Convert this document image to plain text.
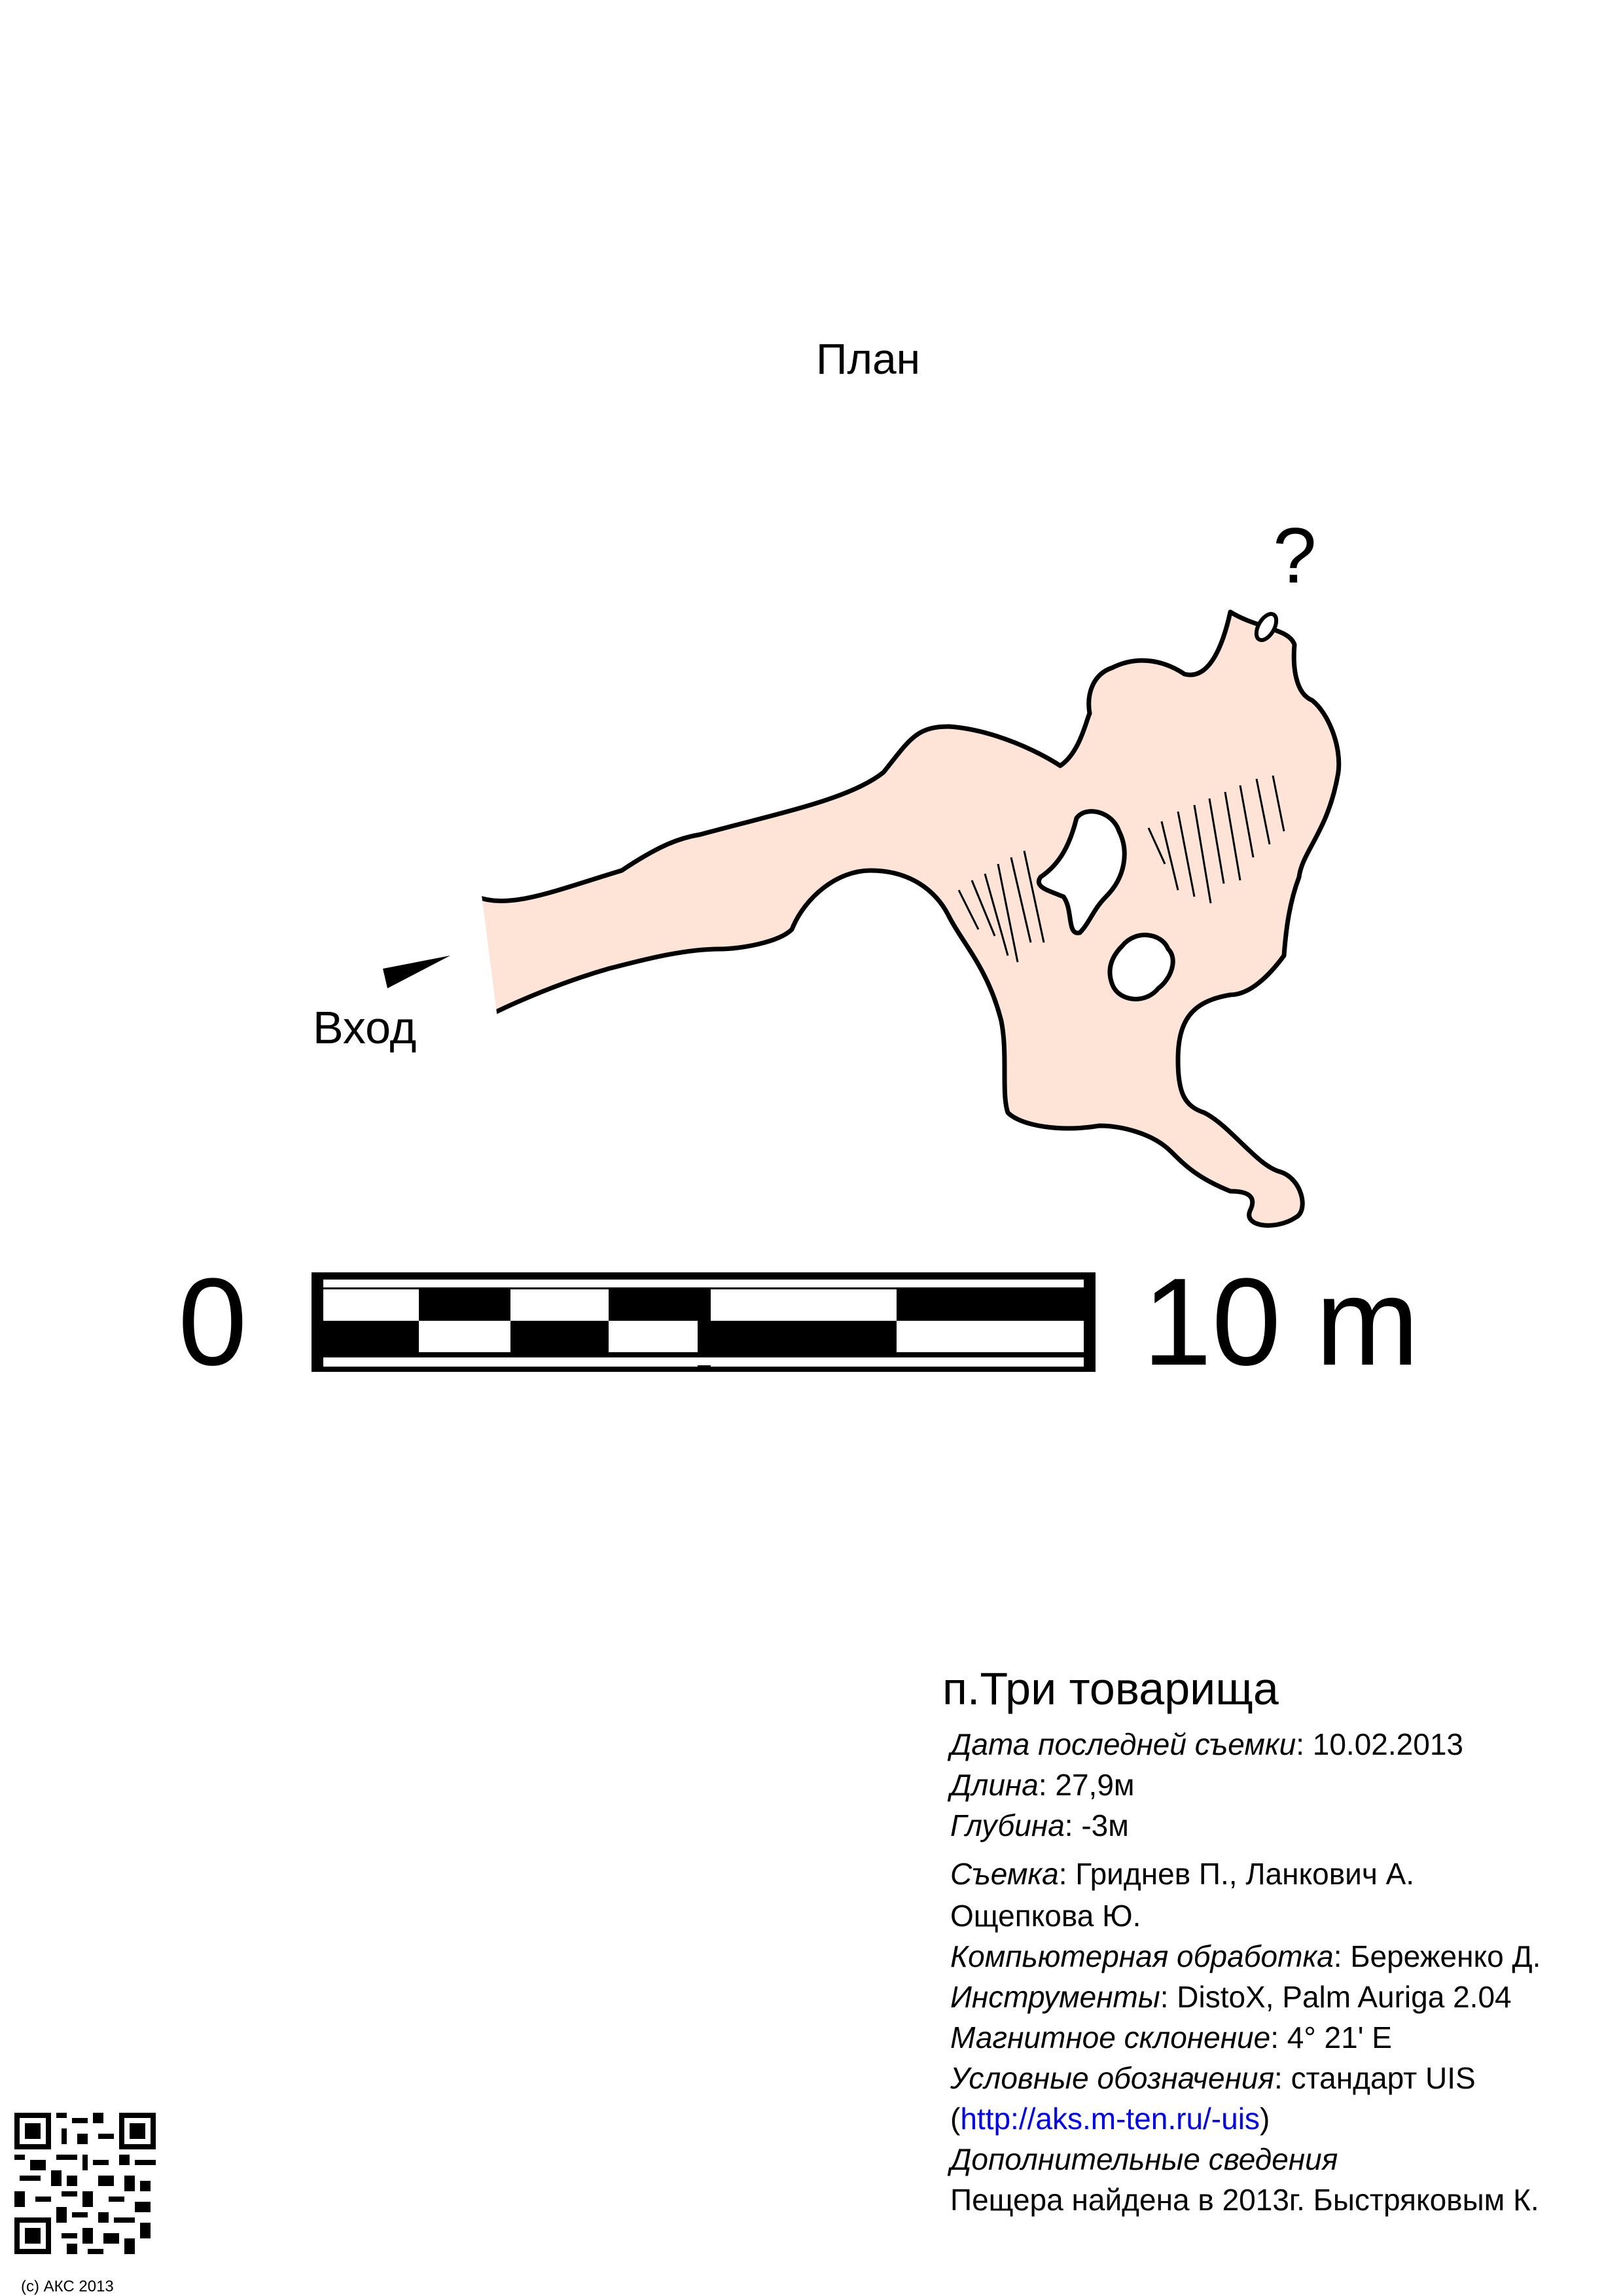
План
?
Вход
0	10 m
п.Три товарища
Дата последней съемки: 10.02.2013
Длина: 27,9м
Глубина: -3м
Съемка: Гриднев П., Ланкович А.
Ощепкова Ю.
Компьютерная обработка: Береженко Д.
Инструменты: DistoX, Palm Auriga 2.04
Магнитное склонение: 4° 21' E
Условные обозначения: стандарт UIS
(http://aks.m-ten.ru/-uis)
Дополнительные сведения
Пещера найдена в 2013г. Быстряковым К.
(c) АКС 2013
